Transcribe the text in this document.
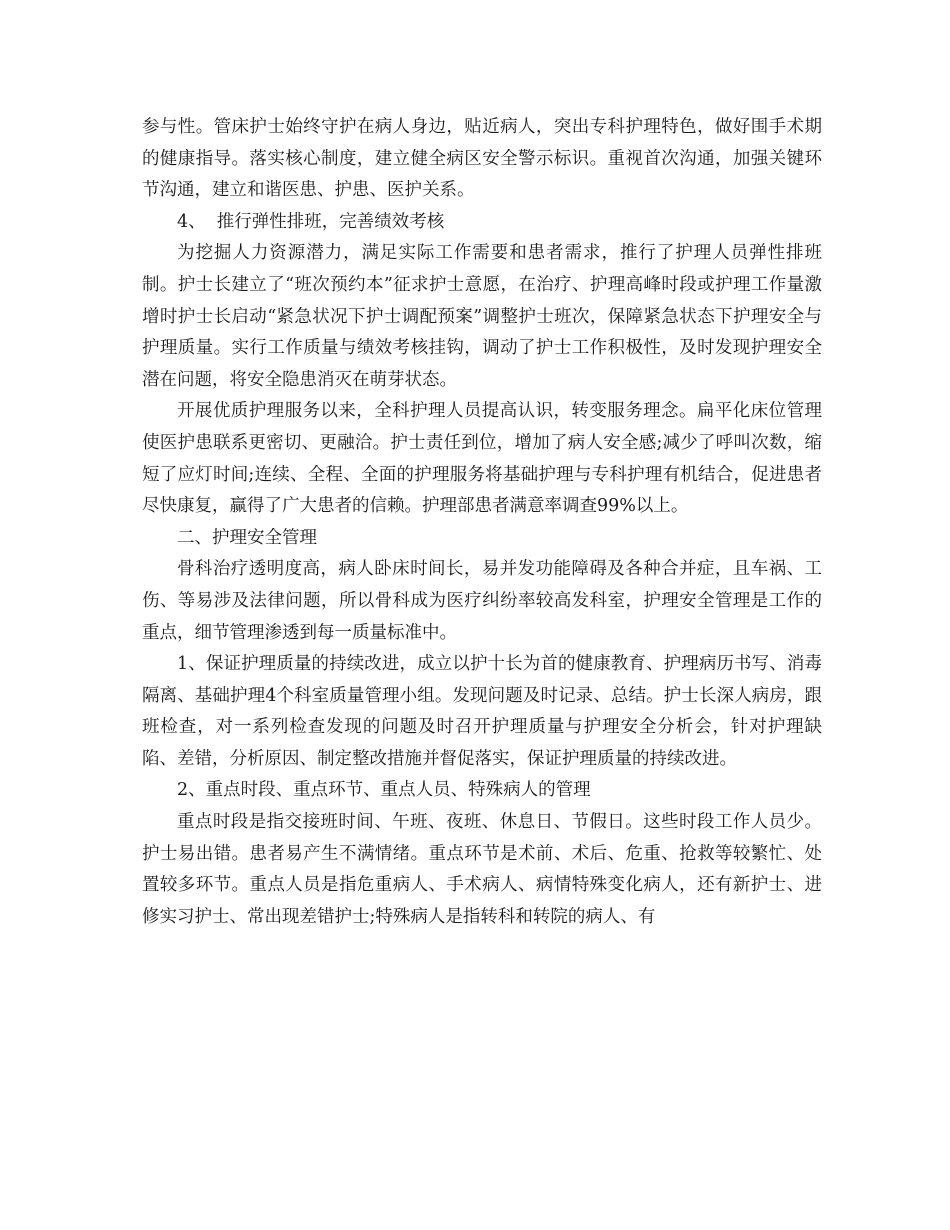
参与性。管床护士始终守护在病人身边，贴近病人，突出专科护理特色，做好围手术期的健康指导。落实核心制度，建立健全病区安全警示标识。重视首次沟通，加强关键环节沟通，建立和谐医患、护患、医护关系。

4、  推行弹性排班，完善绩效考核

为挖掘人力资源潜力，满足实际工作需要和患者需求，推行了护理人员弹性排班制。护士长建立了“班次预约本”征求护士意愿，在治疗、护理高峰时段或护理工作量激增时护士长启动“紧急状况下护士调配预案”调整护士班次，保障紧急状态下护理安全与护理质量。实行工作质量与绩效考核挂钩，调动了护士工作积极性，及时发现护理安全潜在问题，将安全隐患消灭在萌芽状态。

开展优质护理服务以来，全科护理人员提高认识，转变服务理念。扁平化床位管理使医护患联系更密切、更融洽。护士责任到位，增加了病人安全感;减少了呼叫次数，缩短了应灯时间;连续、全程、全面的护理服务将基础护理与专科护理有机结合，促进患者尽快康复，赢得了广大患者的信赖。护理部患者满意率调查99%以上。

二、护理安全管理

骨科治疗透明度高，病人卧床时间长，易并发功能障碍及各种合并症，且车祸、工伤、等易涉及法律问题，所以骨科成为医疗纠纷率较高发科室，护理安全管理是工作的重点，细节管理渗透到每一质量标准中。

1、保证护理质量的持续改进，成立以护十长为首的健康教育、护理病历书写、消毒隔离、基础护理4个科室质量管理小组。发现问题及时记录、总结。护士长深人病房，跟班检查，对一系列检查发现的问题及时召开护理质量与护理安全分析会，针对护理缺陷、差错，分析原因、制定整改措施并督促落实，保证护理质量的持续改进。

2、重点时段、重点环节、重点人员、特殊病人的管理

重点时段是指交接班时间、午班、夜班、休息日、节假日。这些时段工作人员少。护士易出错。患者易产生不满情绪。重点环节是术前、术后、危重、抢救等较繁忙、处置较多环节。重点人员是指危重病人、手术病人、病情特殊变化病人，还有新护士、进修实习护士、常出现差错护士;特殊病人是指转科和转院的病人、有
